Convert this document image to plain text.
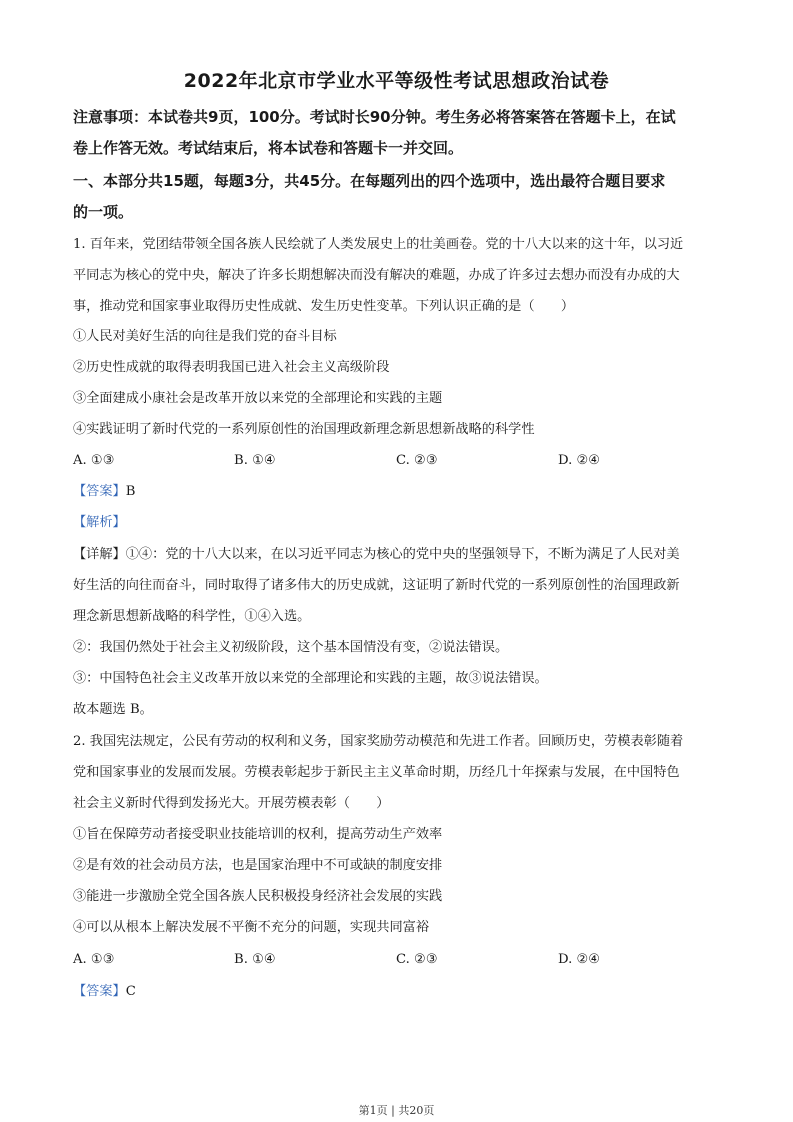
2022年北京市学业水平等级性考试思想政治试卷
注意事项：本试卷共9页，100分。考试时长90分钟。考生务必将答案答在答题卡上，在试
卷上作答无效。考试结束后，将本试卷和答题卡一并交回。
一、本部分共15题，每题3分，共45分。在每题列出的四个选项中，选出最符合题目要求
的一项。
1. 百年来，党团结带领全国各族人民绘就了人类发展史上的壮美画卷。党的十八大以来的这十年，以习近
平同志为核心的党中央，解决了许多长期想解决而没有解决的难题，办成了许多过去想办而没有办成的大
事，推动党和国家事业取得历史性成就、发生历史性变革。下列认识正确的是（　　）
①人民对美好生活的向往是我们党的奋斗目标
②历史性成就的取得表明我国已进入社会主义高级阶段
③全面建成小康社会是改革开放以来党的全部理论和实践的主题
④实践证明了新时代党的一系列原创性的治国理政新理念新思想新战略的科学性
A. ①③	B. ①④	C. ②③	D. ②④
【答案】B
【解析】
【详解】①④：党的十八大以来，在以习近平同志为核心的党中央的坚强领导下，不断为满足了人民对美
好生活的向往而奋斗，同时取得了诸多伟大的历史成就，这证明了新时代党的一系列原创性的治国理政新
理念新思想新战略的科学性，①④入选。
②：我国仍然处于社会主义初级阶段，这个基本国情没有变，②说法错误。
③：中国特色社会主义改革开放以来党的全部理论和实践的主题，故③说法错误。
故本题选 B。
2. 我国宪法规定，公民有劳动的权利和义务，国家奖励劳动模范和先进工作者。回顾历史，劳模表彰随着
党和国家事业的发展而发展。劳模表彰起步于新民主主义革命时期，历经几十年探索与发展，在中国特色
社会主义新时代得到发扬光大。开展劳模表彰（　　）
①旨在保障劳动者接受职业技能培训的权利，提高劳动生产效率
②是有效的社会动员方法，也是国家治理中不可或缺的制度安排
③能进一步激励全党全国各族人民积极投身经济社会发展的实践
④可以从根本上解决发展不平衡不充分的问题，实现共同富裕
A. ①③	B. ①④	C. ②③	D. ②④
【答案】C
第1页 | 共20页
